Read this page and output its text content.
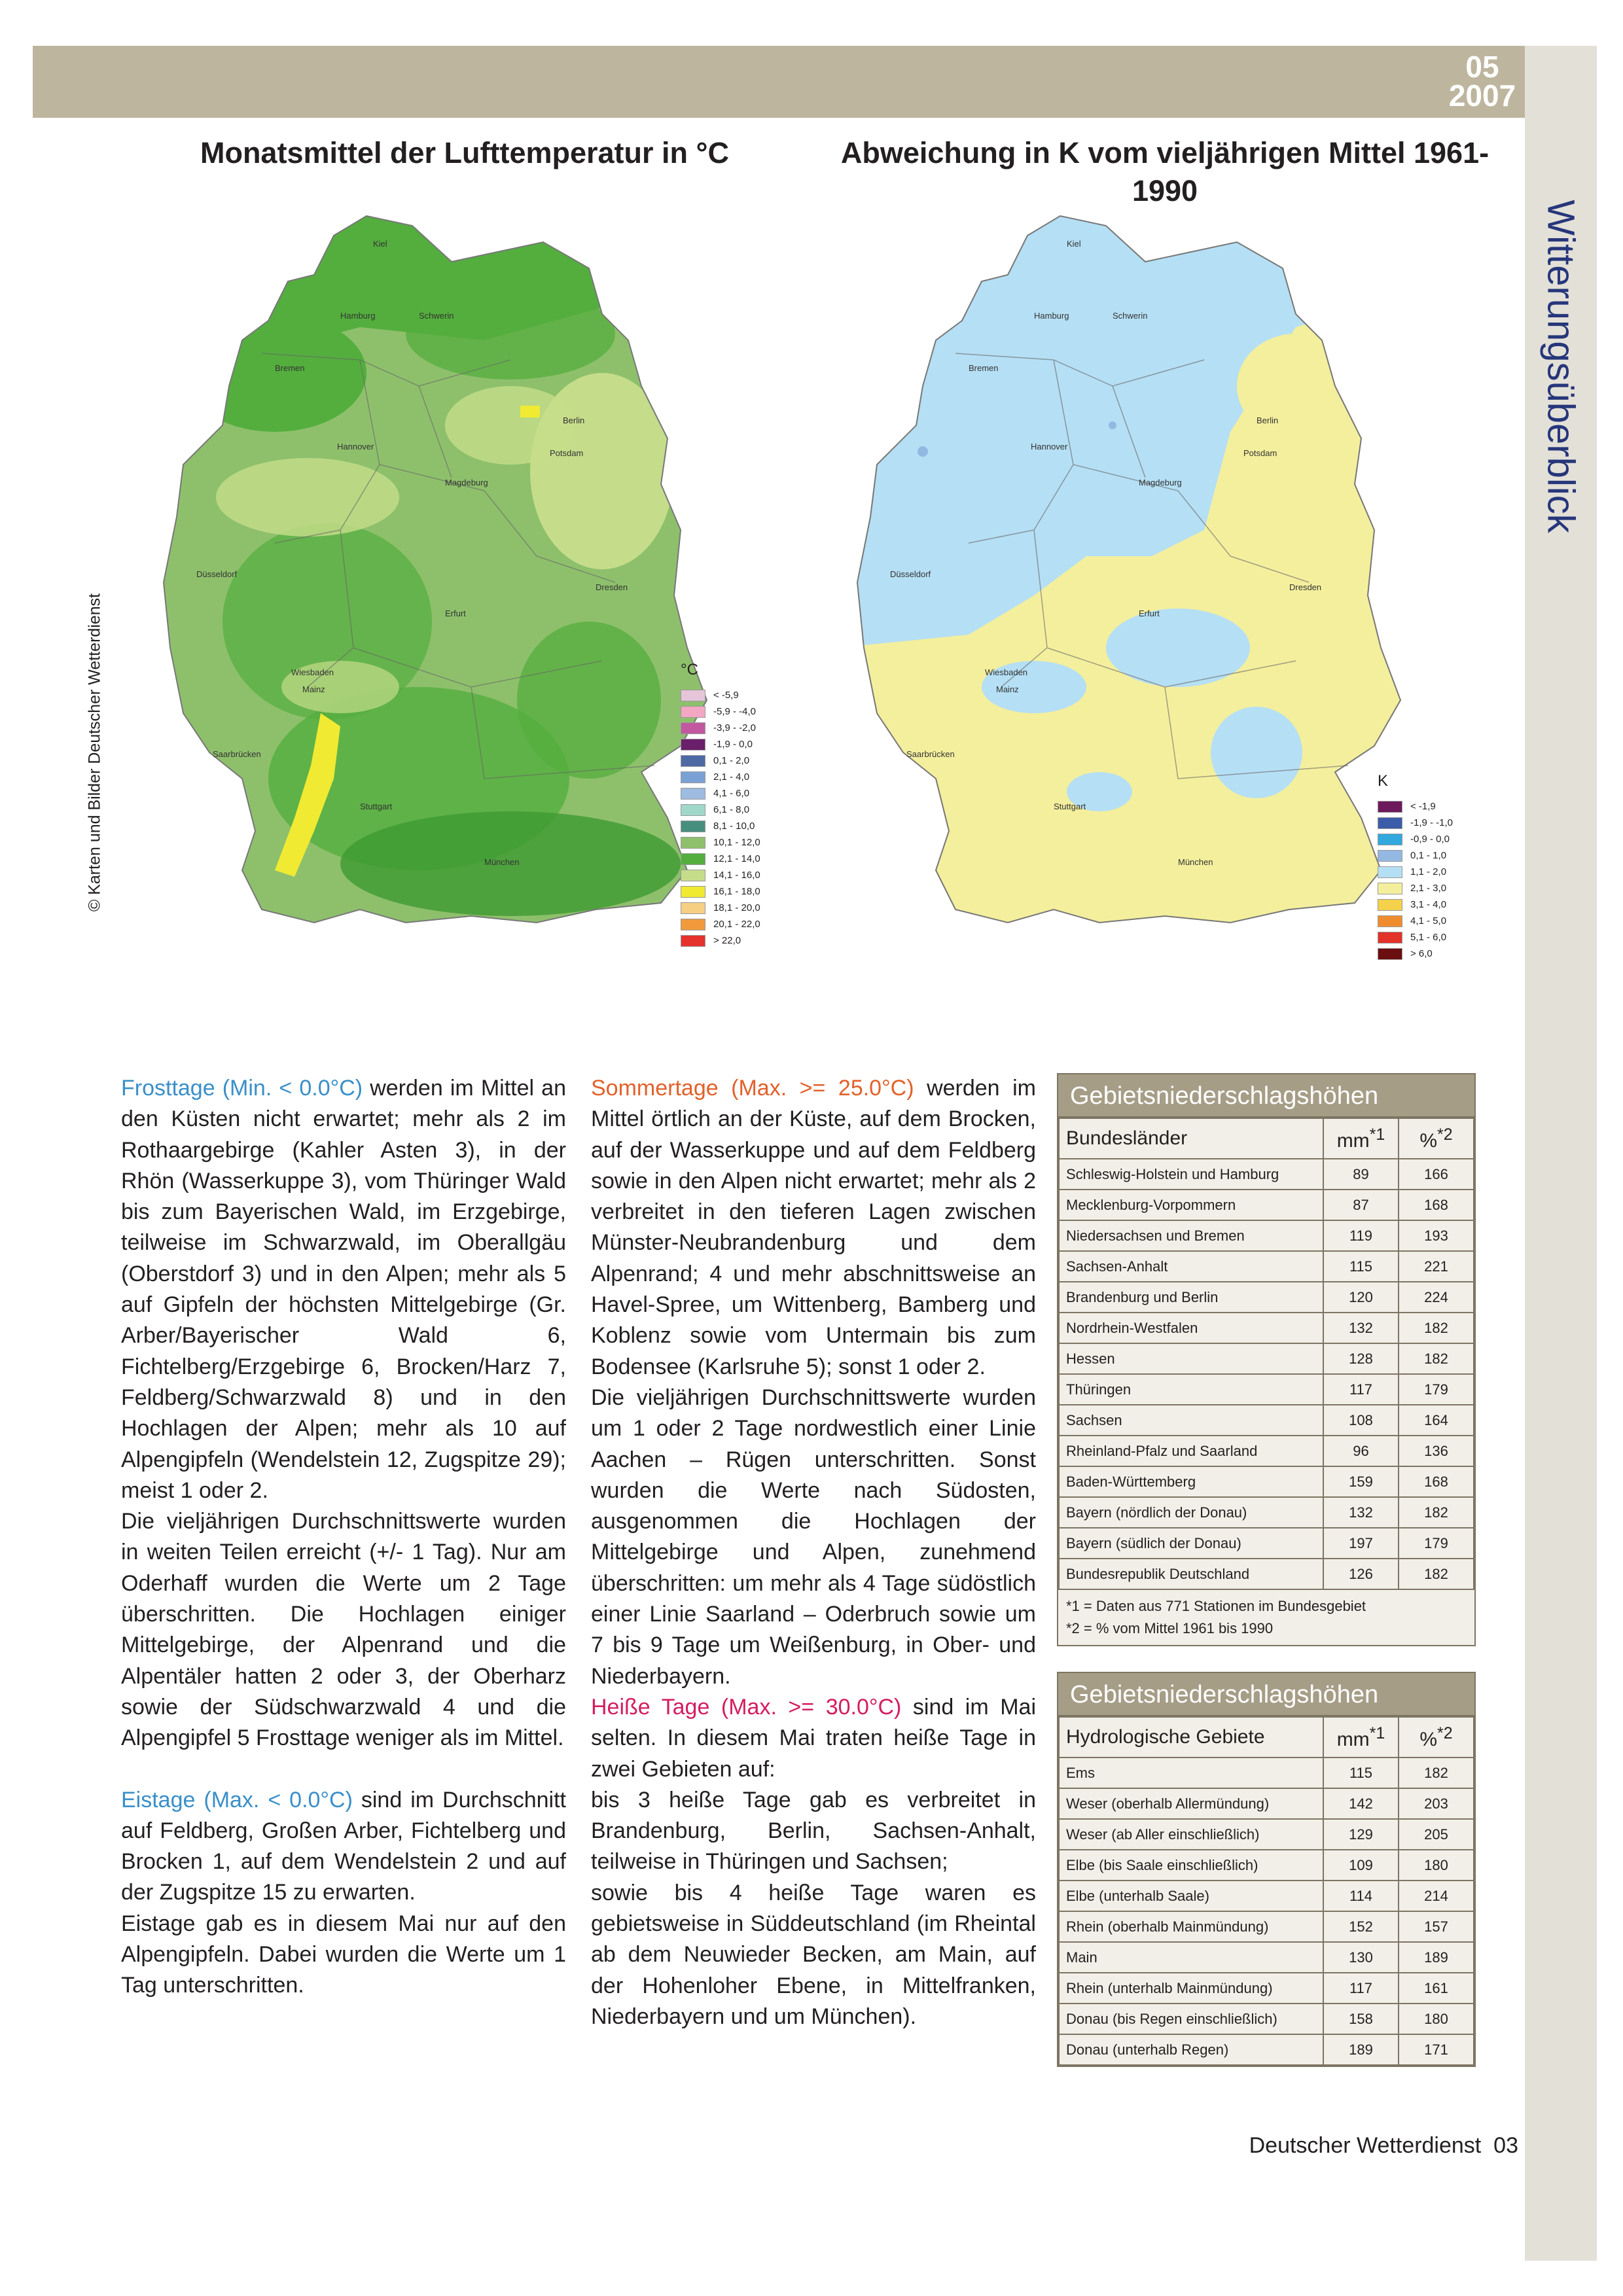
05
2007
Witterungsüberblick
Monatsmittel der Lufttemperatur in °C	Abweichung in K vom vieljährigen Mittel 1961-1990
© Karten und Bilder Deutscher Wetterdienst
Kiel
Hamburg	Schwerin
Bremen
Berlin
Hannover
Potsdam
Magdeburg
Düsseldorf
Erfurt
Dresden
Wiesbaden
Mainz
Saarbrücken
Stuttgart
München
Kiel
Hamburg	Schwerin
Bremen
Berlin
Hannover
Potsdam
Magdeburg
Düsseldorf
Erfurt
Dresden
Wiesbaden
Mainz
Saarbrücken
Stuttgart
München
°C
< -5,9
-5,9 - -4,0
-3,9 - -2,0
-1,9 - 0,0
0,1 - 2,0
2,1 - 4,0
4,1 - 6,0
6,1 - 8,0
8,1 - 10,0
10,1 - 12,0
12,1 - 14,0
14,1 - 16,0
16,1 - 18,0
18,1 - 20,0
20,1 - 22,0
> 22,0
K
< -1,9
-1,9 - -1,0
-0,9 - 0,0
0,1 - 1,0
1,1 - 2,0
2,1 - 3,0
3,1 - 4,0
4,1 - 5,0
5,1 - 6,0
> 6,0

Frosttage (Min. < 0.0°C) werden im Mittel an den Küsten nicht erwartet; mehr als 2 im Rothaargebirge (Kahler Asten 3), in der Rhön (Wasserkuppe 3), vom Thüringer Wald bis zum Bayerischen Wald, im Erzgebirge, teilweise im Schwarzwald, im Oberallgäu (Oberstdorf 3) und in den Alpen; mehr als 5 auf Gipfeln der höchsten Mittelgebirge (Gr. Arber/Bayerischer Wald 6, Fichtelberg/Erzgebirge 6, Brocken/Harz 7, Feldberg/Schwarzwald 8) und in den Hochlagen der Alpen; mehr als 10 auf Alpengipfeln (Wendelstein 12, Zugspitze 29); meist 1 oder 2.

Die vieljährigen Durchschnittswerte wurden in weiten Teilen erreicht (+/- 1 Tag). Nur am Oderhaff wurden die Werte um 2 Tage überschritten. Die Hochlagen einiger Mittelgebirge, der Alpenrand und die Alpentäler hatten 2 oder 3, der Oberharz sowie der Südschwarzwald 4 und die Alpengipfel 5 Frosttage weniger als im Mittel.

Eistage (Max. < 0.0°C) sind im Durchschnitt auf Feldberg, Großen Arber, Fichtelberg und Brocken 1, auf dem Wendelstein 2 und auf der Zugspitze 15 zu erwarten.

Eistage gab es in diesem Mai nur auf den Alpengipfeln. Dabei wurden die Werte um 1 Tag unterschritten.

Sommertage (Max. >= 25.0°C) werden im Mittel örtlich an der Küste, auf dem Brocken, auf der Wasserkuppe und auf dem Feldberg sowie in den Alpen nicht erwartet; mehr als 2 verbreitet in den tieferen Lagen zwischen Münster-Neubrandenburg und dem Alpenrand; 4 und mehr abschnittsweise an Havel-Spree, um Wittenberg, Bamberg und Koblenz sowie vom Untermain bis zum Bodensee (Karlsruhe 5); sonst 1 oder 2.

Die vieljährigen Durchschnittswerte wurden um 1 oder 2 Tage nordwestlich einer Linie Aachen – Rügen unterschritten. Sonst wurden die Werte nach Südosten, ausgenommen die Hochlagen der Mittelgebirge und Alpen, zunehmend überschritten: um mehr als 4 Tage südöstlich einer Linie Saarland – Oderbruch sowie um 7 bis 9 Tage um Weißenburg, in Ober- und Niederbayern.

Heiße Tage (Max. >= 30.0°C) sind im Mai selten. In diesem Mai traten heiße Tage in zwei Gebieten auf:

bis 3 heiße Tage gab es verbreitet in Brandenburg, Berlin, Sachsen-Anhalt, teilweise in Thüringen und Sachsen;

sowie bis 4 heiße Tage waren es gebietsweise in Süddeutschland (im Rheintal ab dem Neuwieder Becken, am Main, auf der Hohenloher Ebene, in Mittelfranken, Niederbayern und um München).

Gebietsniederschlagshöhen
Bundesländer	$mm^{*1}$	%$^{*2}$
Schleswig-Holstein und Hamburg	89	166
Mecklenburg-Vorpommern	87	168
Niedersachsen und Bremen	119	193
Sachsen-Anhalt	115	221
Brandenburg und Berlin	120	224
Nordrhein-Westfalen	132	182
Hessen	128	182
Thüringen	117	179
Sachsen	108	164
Rheinland-Pfalz und Saarland	96	136
Baden-Württemberg	159	168
Bayern (nördlich der Donau)	132	182
Bayern (südlich der Donau)	197	179
Bundesrepublik Deutschland	126	182
*1 = Daten aus 771 Stationen im Bundesgebiet
*2 = % vom Mittel 1961 bis 1990
Gebietsniederschlagshöhen
Hydrologische Gebiete	$mm^{*1}$	%$^{*2}$
Ems	115	182
Weser (oberhalb Allermündung)	142	203
Weser (ab Aller einschließlich)	129	205
Elbe (bis Saale einschließlich)	109	180
Elbe (unterhalb Saale)	114	214
Rhein (oberhalb Mainmündung)	152	157
Main	130	189
Rhein (unterhalb Mainmündung)	117	161
Donau (bis Regen einschließlich)	158	180
Donau (unterhalb Regen)	189	171
Deutscher Wetterdienst 03
